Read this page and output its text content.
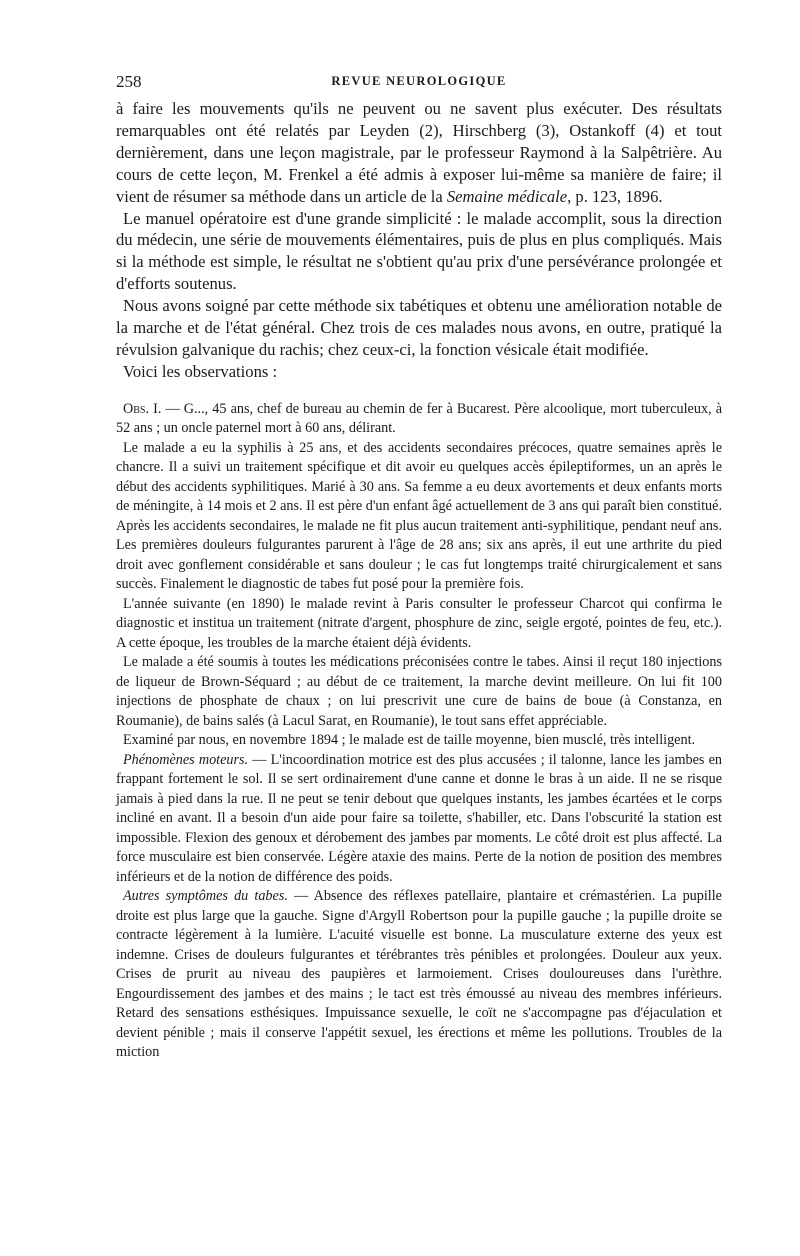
258	REVUE NEUROLOGIQUE

à faire les mouvements qu'ils ne peuvent ou ne savent plus exécuter. Des résultats remarquables ont été relatés par Leyden (2), Hirschberg (3), Ostankoff (4) et tout dernièrement, dans une leçon magistrale, par le professeur Raymond à la Salpêtrière. Au cours de cette leçon, M. Frenkel a été admis à exposer lui-même sa manière de faire; il vient de résumer sa méthode dans un article de la Semaine médicale, p. 123, 1896.

Le manuel opératoire est d'une grande simplicité : le malade accomplit, sous la direction du médecin, une série de mouvements élémentaires, puis de plus en plus compliqués. Mais si la méthode est simple, le résultat ne s'obtient qu'au prix d'une persévérance prolongée et d'efforts soutenus.

Nous avons soigné par cette méthode six tabétiques et obtenu une amélioration notable de la marche et de l'état général. Chez trois de ces malades nous avons, en outre, pratiqué la révulsion galvanique du rachis; chez ceux-ci, la fonction vésicale était modifiée.

Voici les observations :

Obs. I. — G..., 45 ans, chef de bureau au chemin de fer à Bucarest. Père alcoolique, mort tuberculeux, à 52 ans ; un oncle paternel mort à 60 ans, délirant.

Le malade a eu la syphilis à 25 ans, et des accidents secondaires précoces, quatre semaines après le chancre. Il a suivi un traitement spécifique et dit avoir eu quelques accès épileptiformes, un an après le début des accidents syphilitiques. Marié à 30 ans. Sa femme a eu deux avortements et deux enfants morts de méningite, à 14 mois et 2 ans. Il est père d'un enfant âgé actuellement de 3 ans qui paraît bien constitué. Après les accidents secondaires, le malade ne fit plus aucun traitement anti-syphilitique, pendant neuf ans. Les premières douleurs fulgurantes parurent à l'âge de 28 ans; six ans après, il eut une arthrite du pied droit avec gonflement considérable et sans douleur ; le cas fut longtemps traité chirurgicalement et sans succès. Finalement le diagnostic de tabes fut posé pour la première fois.

L'année suivante (en 1890) le malade revint à Paris consulter le professeur Charcot qui confirma le diagnostic et institua un traitement (nitrate d'argent, phosphure de zinc, seigle ergoté, pointes de feu, etc.). A cette époque, les troubles de la marche étaient déjà évidents.

Le malade a été soumis à toutes les médications préconisées contre le tabes. Ainsi il reçut 180 injections de liqueur de Brown-Séquard ; au début de ce traitement, la marche devint meilleure. On lui fit 100 injections de phosphate de chaux ; on lui prescrivit une cure de bains de boue (à Constanza, en Roumanie), de bains salés (à Lacul Sarat, en Roumanie), le tout sans effet appréciable.

Examiné par nous, en novembre 1894 ; le malade est de taille moyenne, bien musclé, très intelligent.

Phénomènes moteurs. — L'incoordination motrice est des plus accusées ; il talonne, lance les jambes en frappant fortement le sol. Il se sert ordinairement d'une canne et donne le bras à un aide. Il ne se risque jamais à pied dans la rue. Il ne peut se tenir debout que quelques instants, les jambes écartées et le corps incliné en avant. Il a besoin d'un aide pour faire sa toilette, s'habiller, etc. Dans l'obscurité la station est impossible. Flexion des genoux et dérobement des jambes par moments. Le côté droit est plus affecté. La force musculaire est bien conservée. Légère ataxie des mains. Perte de la notion de position des membres inférieurs et de la notion de différence des poids.

Autres symptômes du tabes. — Absence des réflexes patellaire, plantaire et crémastérien. La pupille droite est plus large que la gauche. Signe d'Argyll Robertson pour la pupille gauche ; la pupille droite se contracte légèrement à la lumière. L'acuité visuelle est bonne. La musculature externe des yeux est indemne. Crises de douleurs fulgurantes et térébrantes très pénibles et prolongées. Douleur aux yeux. Crises de prurit au niveau des paupières et larmoiement. Crises douloureuses dans l'urèthre. Engourdissement des jambes et des mains ; le tact est très émoussé au niveau des membres inférieurs. Retard des sensations esthésiques. Impuissance sexuelle, le coït ne s'accompagne pas d'éjaculation et devient pénible ; mais il conserve l'appétit sexuel, les érections et même les pollutions. Troubles de la miction
